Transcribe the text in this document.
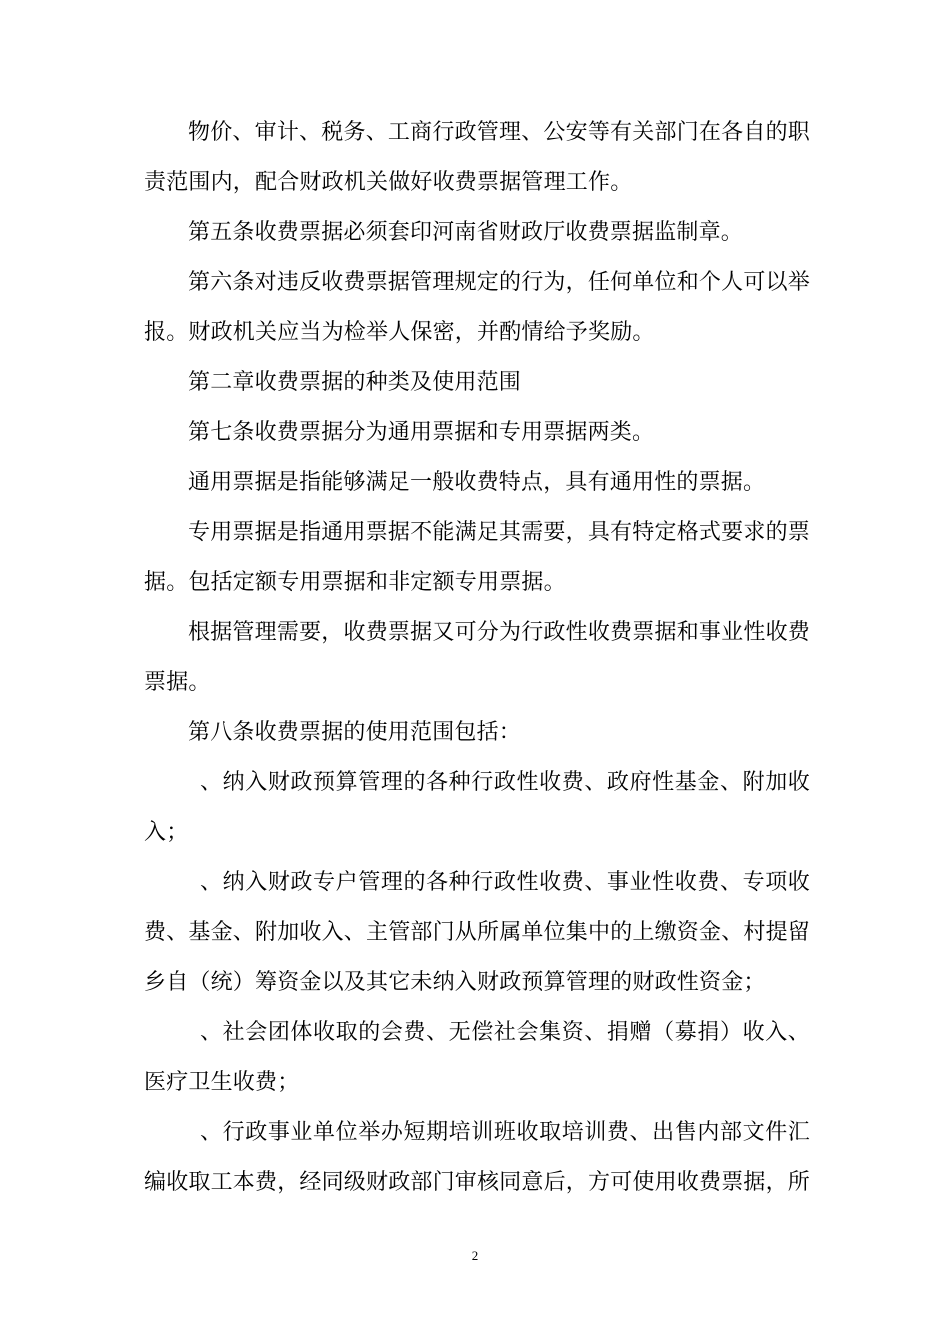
物价、审计、税务、工商行政管理、公安等有关部门在各自的职责范围内，配合财政机关做好收费票据管理工作。

第五条收费票据必须套印河南省财政厅收费票据监制章。

第六条对违反收费票据管理规定的行为，任何单位和个人可以举报。财政机关应当为检举人保密，并酌情给予奖励。

第二章收费票据的种类及使用范围

第七条收费票据分为通用票据和专用票据两类。

通用票据是指能够满足一般收费特点，具有通用性的票据。

专用票据是指通用票据不能满足其需要，具有特定格式要求的票据。包括定额专用票据和非定额专用票据。

根据管理需要，收费票据又可分为行政性收费票据和事业性收费票据。

第八条收费票据的使用范围包括：

、纳入财政预算管理的各种行政性收费、政府性基金、附加收入；

、纳入财政专户管理的各种行政性收费、事业性收费、专项收费、基金、附加收入、主管部门从所属单位集中的上缴资金、村提留乡自（统）筹资金以及其它未纳入财政预算管理的财政性资金；

、社会团体收取的会费、无偿社会集资、捐赠（募捐）收入、医疗卫生收费；

、行政事业单位举办短期培训班收取培训费、出售内部文件汇编收取工本费，经同级财政部门审核同意后，方可使用收费票据，所

2
